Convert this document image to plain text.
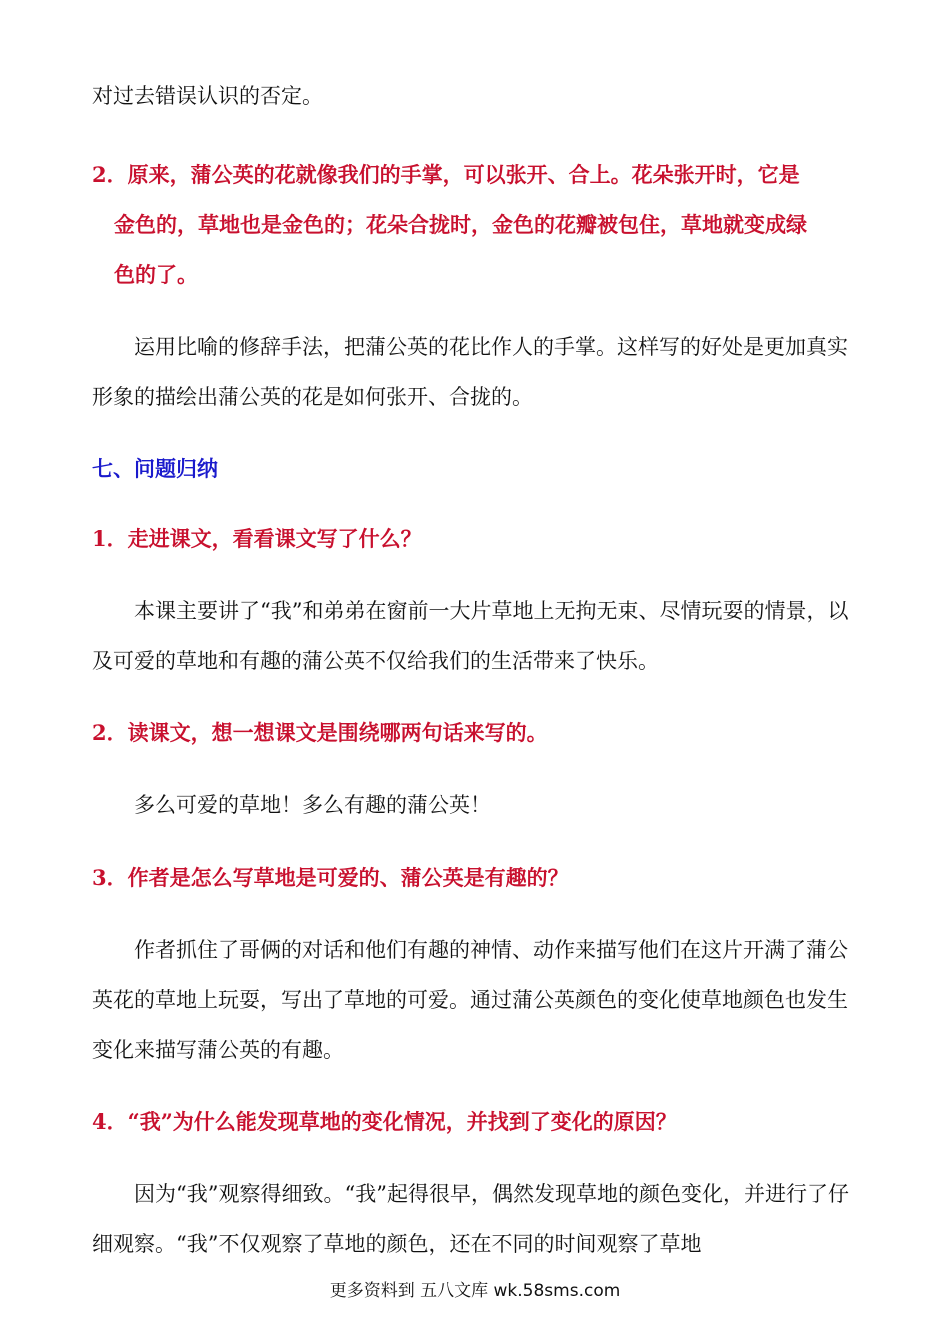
对过去错误认识的否定。
2．原来，蒲公英的花就像我们的手掌，可以张开、合上。花朵张开时，它是
金色的，草地也是金色的；花朵合拢时，金色的花瓣被包住，草地就变成绿
色的了。
运用比喻的修辞手法，把蒲公英的花比作人的手掌。这样写的好处是更加真实形象的描绘出蒲公英的花是如何张开、合拢的。
七、问题归纳
1．走进课文，看看课文写了什么？
本课主要讲了“我”和弟弟在窗前一大片草地上无拘无束、尽情玩耍的情景，以及可爱的草地和有趣的蒲公英不仅给我们的生活带来了快乐。
2．读课文，想一想课文是围绕哪两句话来写的。
多么可爱的草地！多么有趣的蒲公英！
3．作者是怎么写草地是可爱的、蒲公英是有趣的？
作者抓住了哥俩的对话和他们有趣的神情、动作来描写他们在这片开满了蒲公英花的草地上玩耍，写出了草地的可爱。通过蒲公英颜色的变化使草地颜色也发生变化来描写蒲公英的有趣。
4．“我”为什么能发现草地的变化情况，并找到了变化的原因？
因为“我”观察得细致。“我”起得很早，偶然发现草地的颜色变化，并进行了仔细观察。“我”不仅观察了草地的颜色，还在不同的时间观察了草地
更多资料到 五八文库 wk.58sms.com
